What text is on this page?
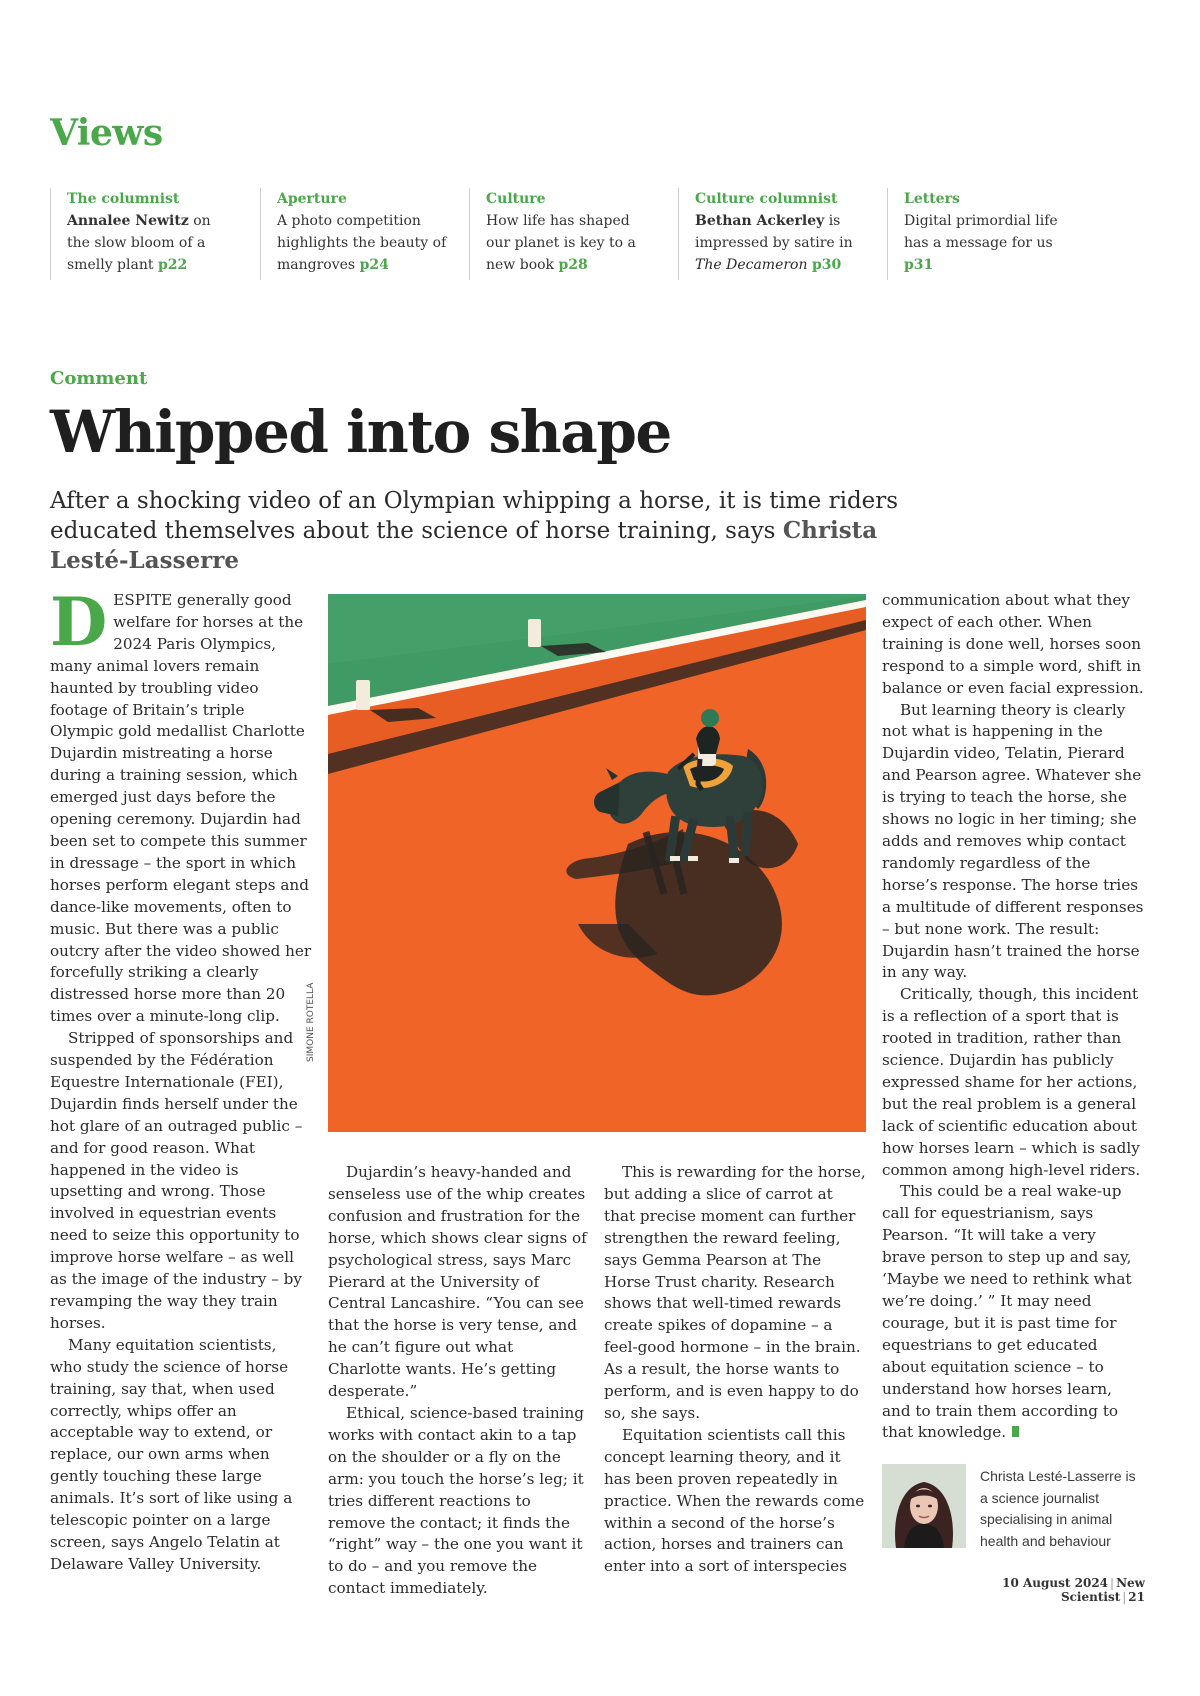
Views
The columnist
Annalee Newitz on the slow bloom of a smelly plant p22
Aperture
A photo competition highlights the beauty of mangroves p24
Culture
How life has shaped our planet is key to a new book p28
Culture columnist
Bethan Ackerley is impressed by satire in The Decameron p30
Letters
Digital primordial life has a message for us p31
Comment
Whipped into shape

After a shocking video of an Olympian whipping a horse, it is time riders educated themselves about the science of horse training, says Christa Lesté-Lasserre

DESPITE generally good welfare for horses at the 2024 Paris Olympics, many animal lovers remain haunted by troubling video footage of Britain’s triple Olympic gold medallist Charlotte Dujardin mistreating a horse during a training session, which emerged just days before the opening ceremony. Dujardin had been set to compete this summer in dressage – the sport in which horses perform elegant steps and dance-like movements, often to music. But there was a public outcry after the video showed her forcefully striking a clearly distressed horse more than 20 times over a minute-long clip.

Stripped of sponsorships and suspended by the Fédération Equestre Internationale (FEI), Dujardin finds herself under the hot glare of an outraged public – and for good reason. What happened in the video is upsetting and wrong. Those involved in equestrian events need to seize this opportunity to improve horse welfare – as well as the image of the industry – by revamping the way they train horses.

Many equitation scientists, who study the science of horse training, say that, when used correctly, whips offer an acceptable way to extend, or replace, our own arms when gently touching these large animals. It’s sort of like using a telescopic pointer on a large screen, says Angelo Telatin at Delaware Valley University.

SIMONE ROTELLA

Dujardin’s heavy-handed and senseless use of the whip creates confusion and frustration for the horse, which shows clear signs of psychological stress, says Marc Pierard at the University of Central Lancashire. “You can see that the horse is very tense, and he can’t figure out what Charlotte wants. He’s getting desperate.”

Ethical, science-based training works with contact akin to a tap on the shoulder or a fly on the arm: you touch the horse’s leg; it tries different reactions to remove the contact; it finds the “right” way – the one you want it to do – and you remove the contact immediately.

This is rewarding for the horse, but adding a slice of carrot at that precise moment can further strengthen the reward feeling, says Gemma Pearson at The Horse Trust charity. Research shows that well-timed rewards create spikes of dopamine – a feel-good hormone – in the brain. As a result, the horse wants to perform, and is even happy to do so, she says.

Equitation scientists call this concept learning theory, and it has been proven repeatedly in practice. When the rewards come within a second of the horse’s action, horses and trainers can enter into a sort of interspecies

communication about what they expect of each other. When training is done well, horses soon respond to a simple word, shift in balance or even facial expression.

But learning theory is clearly not what is happening in the Dujardin video, Telatin, Pierard and Pearson agree. Whatever she is trying to teach the horse, she shows no logic in her timing; she adds and removes whip contact randomly regardless of the horse’s response. The horse tries a multitude of different responses – but none work. The result: Dujardin hasn’t trained the horse in any way.

Critically, though, this incident is a reflection of a sport that is rooted in tradition, rather than science. Dujardin has publicly expressed shame for her actions, but the real problem is a general lack of scientific education about how horses learn – which is sadly common among high-level riders.

This could be a real wake-up call for equestrianism, says Pearson. “It will take a very brave person to step up and say, ‘Maybe we need to rethink what we’re doing.’ ” It may need courage, but it is past time for equestrians to get educated about equitation science – to understand how horses learn, and to train them according to that knowledge.

Christa Lesté-Lasserre is a science journalist specialising in animal health and behaviour
10 August 2024 | New Scientist | 21
